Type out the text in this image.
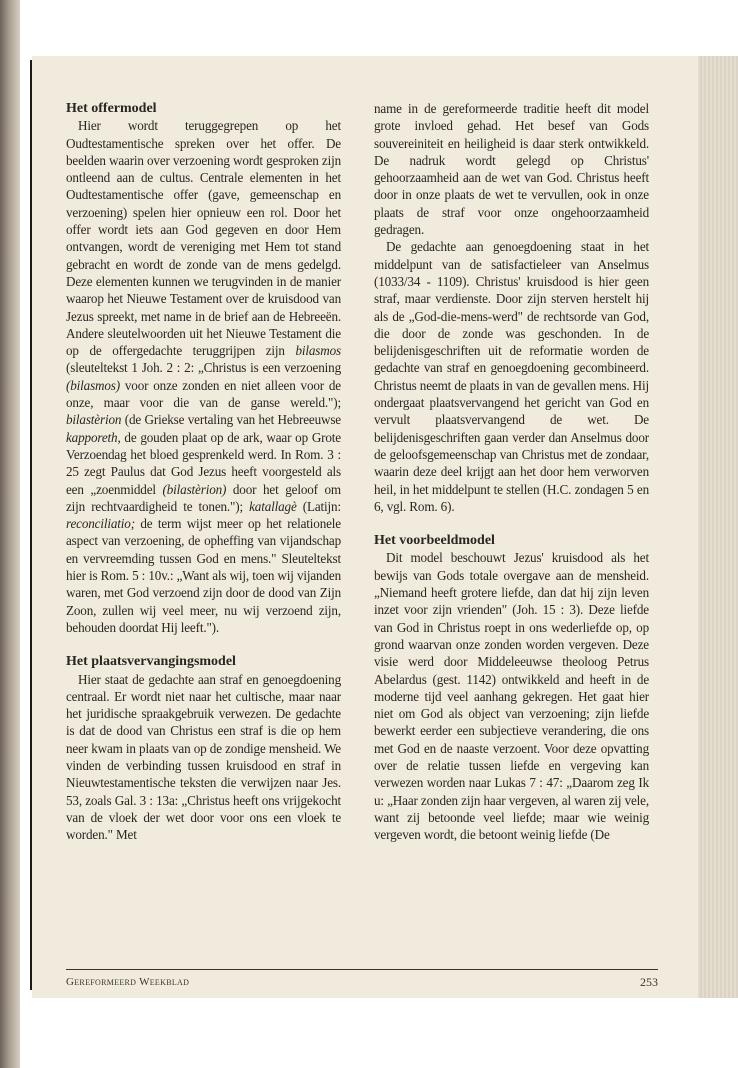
Het offermodel

Hier wordt teruggegrepen op het Oudtestamentische spreken over het offer. De beelden waarin over verzoening wordt gesproken zijn ontleend aan de cultus. Centrale elementen in het Oudtestamentische offer (gave, gemeenschap en verzoening) spelen hier opnieuw een rol. Door het offer wordt iets aan God gegeven en door Hem ontvangen, wordt de vereniging met Hem tot stand gebracht en wordt de zonde van de mens gedelgd. Deze elementen kunnen we terugvinden in de manier waarop het Nieuwe Testament over de kruisdood van Jezus spreekt, met name in de brief aan de Hebreeën. Andere sleutelwoorden uit het Nieuwe Testament die op de offergedachte teruggrijpen zijn bilasmos (sleuteltekst 1 Joh. 2 : 2: „Christus is een verzoening (bilasmos) voor onze zonden en niet alleen voor de onze, maar voor die van de ganse wereld."); bilastèrion (de Griekse vertaling van het Hebreeuwse kapporeth, de gouden plaat op de ark, waar op Grote Verzoendag het bloed gesprenkeld werd. In Rom. 3 : 25 zegt Paulus dat God Jezus heeft voorgesteld als een „zoenmiddel (bilastèrion) door het geloof om zijn rechtvaardigheid te tonen."); katallagè (Latijn: reconciliatio; de term wijst meer op het relationele aspect van verzoening, de opheffing van vijandschap en vervreemding tussen God en mens." Sleuteltekst hier is Rom. 5 : 10v.: „Want als wij, toen wij vijanden waren, met God verzoend zijn door de dood van Zijn Zoon, zullen wij veel meer, nu wij verzoend zijn, behouden doordat Hij leeft.").

Het plaatsvervangingsmodel

Hier staat de gedachte aan straf en genoegdoening centraal. Er wordt niet naar het cultische, maar naar het juridische spraakgebruik verwezen. De gedachte is dat de dood van Christus een straf is die op hem neer kwam in plaats van op de zondige mensheid. We vinden de verbinding tussen kruisdood en straf in Nieuwtestamentische teksten die verwijzen naar Jes. 53, zoals Gal. 3 : 13a: „Christus heeft ons vrijgekocht van de vloek der wet door voor ons een vloek te worden." Met

name in de gereformeerde traditie heeft dit model grote invloed gehad. Het besef van Gods souvereiniteit en heiligheid is daar sterk ontwikkeld. De nadruk wordt gelegd op Christus' gehoorzaamheid aan de wet van God. Christus heeft door in onze plaats de wet te vervullen, ook in onze plaats de straf voor onze ongehoorzaamheid gedragen.

De gedachte aan genoegdoening staat in het middelpunt van de satisfactieleer van Anselmus (1033/34 - 1109). Christus' kruisdood is hier geen straf, maar verdienste. Door zijn sterven herstelt hij als de „God-die-mens-werd" de rechtsorde van God, die door de zonde was geschonden. In de belijdenisgeschriften uit de reformatie worden de gedachte van straf en genoegdoening gecombineerd. Christus neemt de plaats in van de gevallen mens. Hij ondergaat plaatsvervangend het gericht van God en vervult plaatsvervangend de wet. De belijdenisgeschriften gaan verder dan Anselmus door de geloofsgemeenschap van Christus met de zondaar, waarin deze deel krijgt aan het door hem verworven heil, in het middelpunt te stellen (H.C. zondagen 5 en 6, vgl. Rom. 6).

Het voorbeeldmodel

Dit model beschouwt Jezus' kruisdood als het bewijs van Gods totale overgave aan de mensheid. „Niemand heeft grotere liefde, dan dat hij zijn leven inzet voor zijn vrienden" (Joh. 15 : 3). Deze liefde van God in Christus roept in ons wederliefde op, op grond waarvan onze zonden worden vergeven. Deze visie werd door Middeleeuwse theoloog Petrus Abelardus (gest. 1142) ontwikkeld and heeft in de moderne tijd veel aanhang gekregen. Het gaat hier niet om God als object van verzoening; zijn liefde bewerkt eerder een subjectieve verandering, die ons met God en de naaste verzoent. Voor deze opvatting over de relatie tussen liefde en vergeving kan verwezen worden naar Lukas 7 : 47: „Daarom zeg Ik u: „Haar zonden zijn haar vergeven, al waren zij vele, want zij betoonde veel liefde; maar wie weinig vergeven wordt, die betoont weinig liefde (De

Gereformeerd Weekblad	253
